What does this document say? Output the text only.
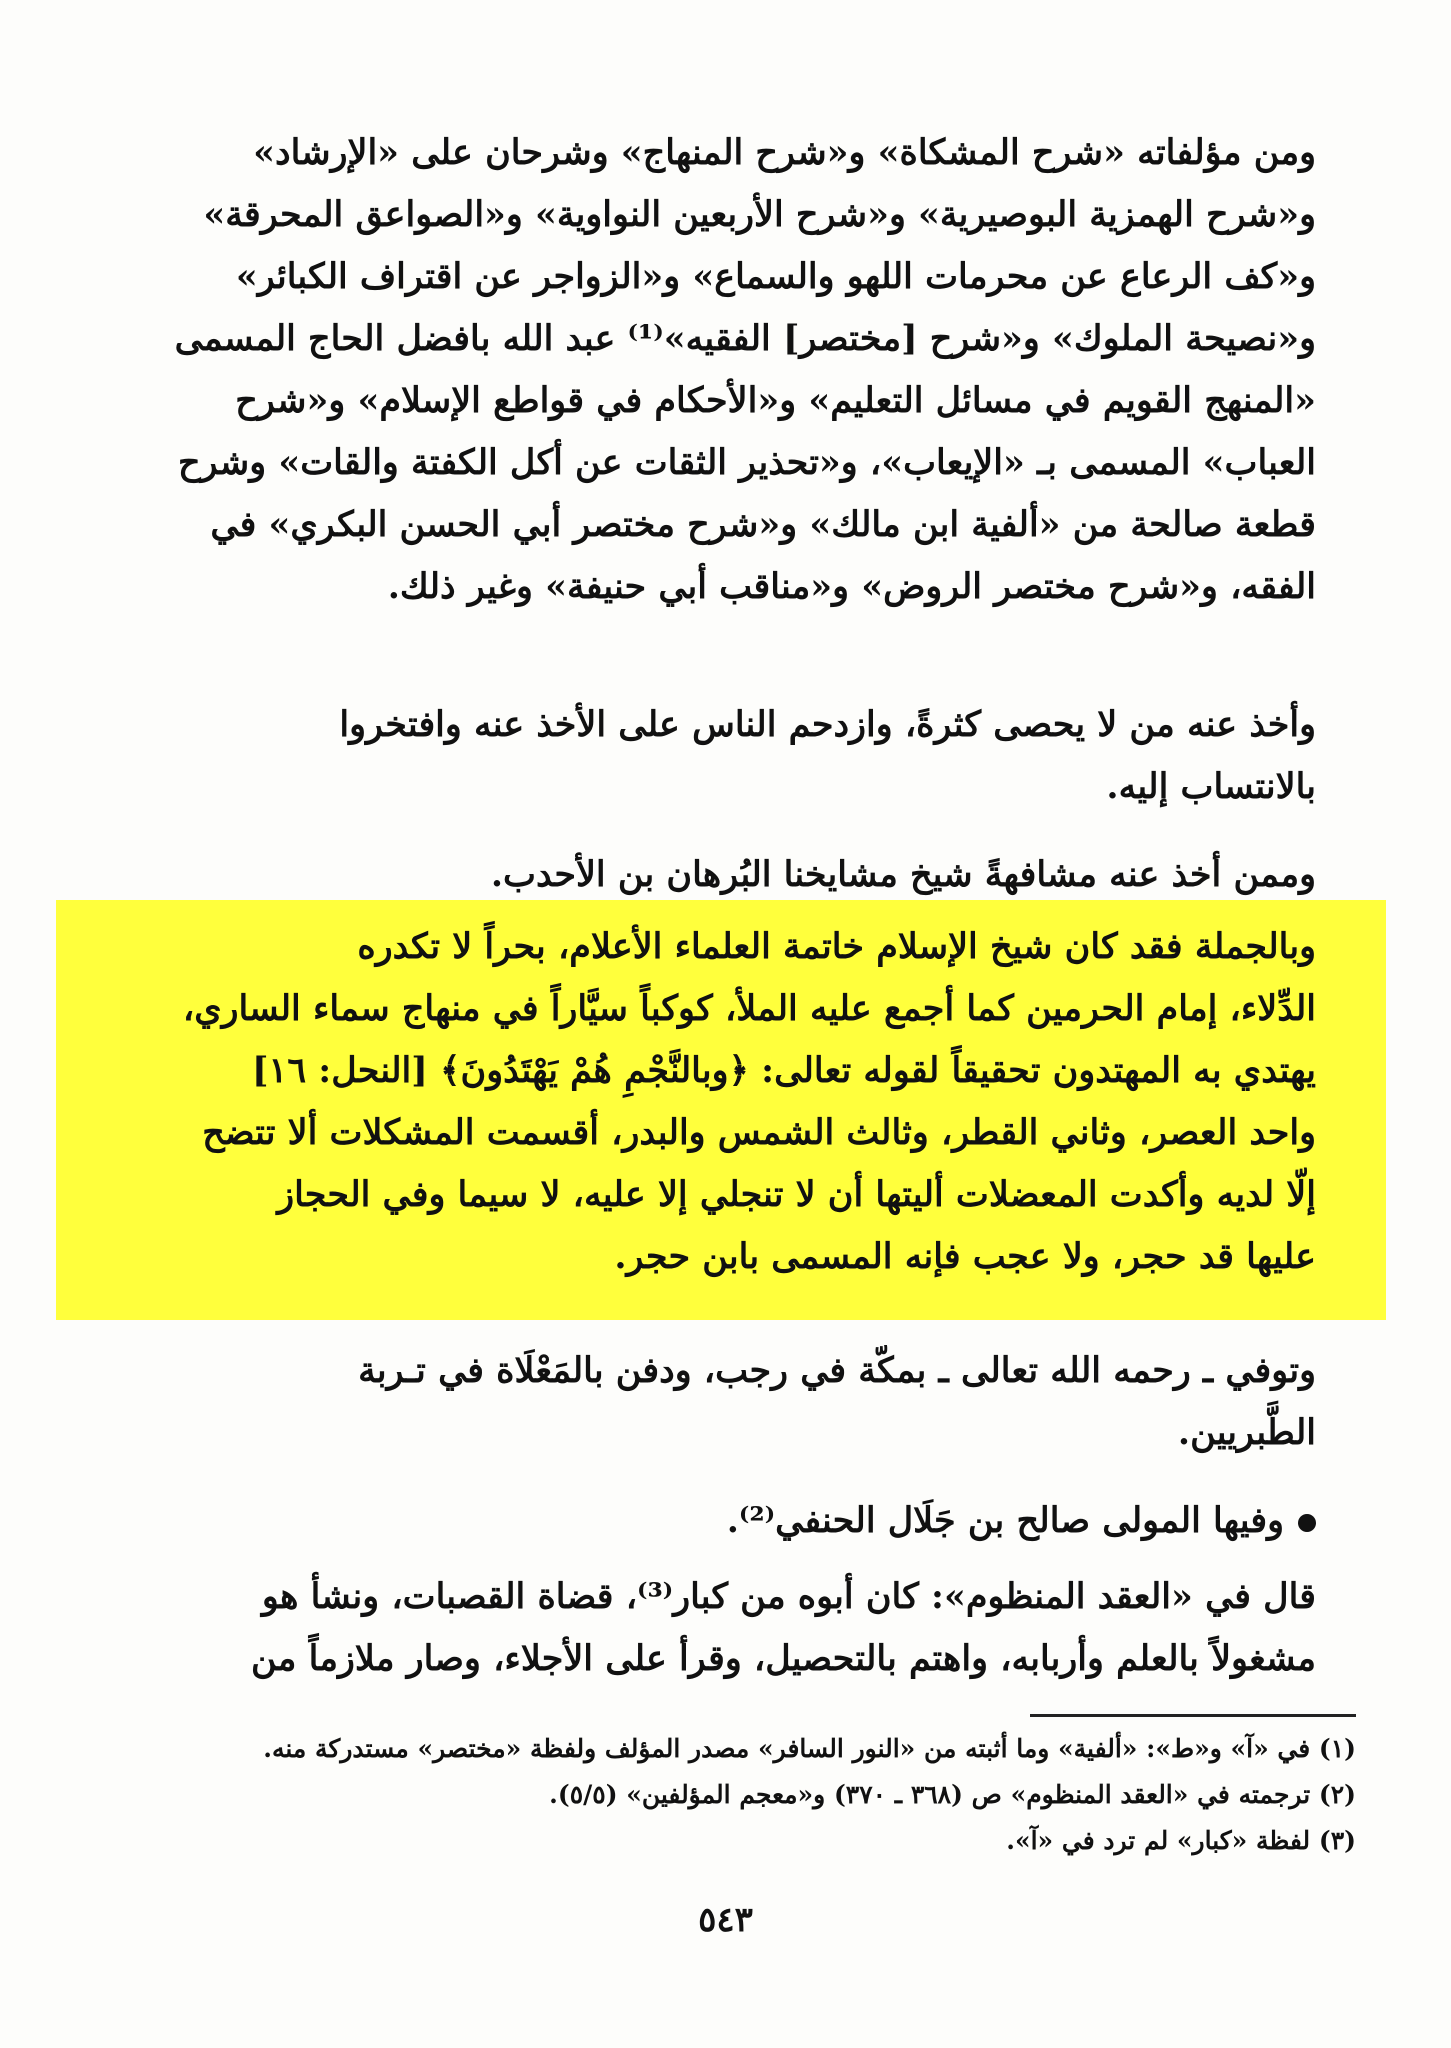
ومن مؤلفاته «شرح المشكاة» و«شرح المنهاج» وشرحان على «الإرشاد»
و«شرح الهمزية البوصيرية» و«شرح الأربعين النواوية» و«الصواعق المحرقة»
و«كف الرعاع عن محرمات اللهو والسماع» و«الزواجر عن اقتراف الكبائر»
و«نصيحة الملوك» و«شرح [مختصر] الفقيه»⁽¹⁾ عبد الله بافضل الحاج المسمى
«المنهج القويم في مسائل التعليم» و«الأحكام في قواطع الإسلام» و«شرح
العباب» المسمى بـ «الإيعاب»، و«تحذير الثقات عن أكل الكفتة والقات» وشرح
قطعة صالحة من «ألفية ابن مالك» و«شرح مختصر أبي الحسن البكري» في
الفقه، و«شرح مختصر الروض» و«مناقب أبي حنيفة» وغير ذلك.

وأخذ عنه من لا يحصى كثرةً، وازدحم الناس على الأخذ عنه وافتخروا
بالانتساب إليه.

وممن أخذ عنه مشافهةً شيخ مشايخنا البُرهان بن الأحدب.

وبالجملة فقد كان شيخ الإسلام خاتمة العلماء الأعلام، بحراً لا تكدره
الدِّلاء، إمام الحرمين كما أجمع عليه الملأ، كوكباً سيَّاراً في منهاج سماء الساري،
يهتدي به المهتدون تحقيقاً لقوله تعالى: ﴿وبالنَّجْمِ هُمْ يَهْتَدُونَ﴾ [النحل: ١٦]
واحد العصر، وثاني القطر، وثالث الشمس والبدر، أقسمت المشكلات ألا تتضح
إلّا لديه وأكدت المعضلات أليتها أن لا تنجلي إلا عليه، لا سيما وفي الحجاز
عليها قد حجر، ولا عجب فإنه المسمى بابن حجر.

وتوفي ـ رحمه الله تعالى ـ بمكّة في رجب، ودفن بالمَعْلَاة في تـربة
الطَّبريين.

وفيها المولى صالح بن جَلَال الحنفي⁽²⁾.

قال في «العقد المنظوم»: كان أبوه من كبار⁽³⁾، قضاة القصبات، ونشأ هو
مشغولاً بالعلم وأربابه، واهتم بالتحصيل، وقرأ على الأجلاء، وصار ملازماً من

(١) في «آ» و«ط»: «ألفية» وما أثبته من «النور السافر» مصدر المؤلف ولفظة «مختصر» مستدركة منه.
(٢) ترجمته في «العقد المنظوم» ص (٣٦٨ ـ ٣٧٠) و«معجم المؤلفين» (٥/٥).
(٣) لفظة «كبار» لم ترد في «آ».
٥٤٣
